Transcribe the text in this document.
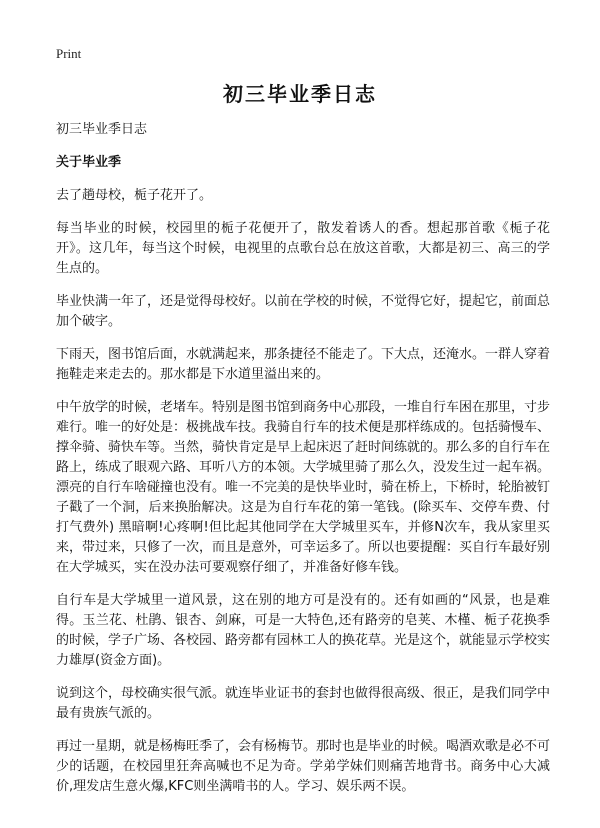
Print
初三毕业季日志
初三毕业季日志
关于毕业季

去了趟母校，栀子花开了。

每当毕业的时候，校园里的栀子花便开了，散发着诱人的香。想起那首歌《栀子花开》。这几年，每当这个时候，电视里的点歌台总在放这首歌，大都是初三、高三的学生点的。

毕业快满一年了，还是觉得母校好。以前在学校的时候，不觉得它好，提起它，前面总加个破字。

下雨天，图书馆后面，水就满起来，那条捷径不能走了。下大点，还淹水。一群人穿着拖鞋走来走去的。那水都是下水道里溢出来的。

中午放学的时候，老堵车。特别是图书馆到商务中心那段，一堆自行车困在那里，寸步难行。唯一的好处是：极挑战车技。我骑自行车的技术便是那样练成的。包括骑慢车、撑伞骑、骑快车等。当然，骑快肯定是早上起床迟了赶时间练就的。那么多的自行车在路上，练成了眼观六路、耳听八方的本领。大学城里骑了那么久，没发生过一起车祸。漂亮的自行车啥碰撞也没有。唯一不完美的是快毕业时，骑在桥上，下桥时，轮胎被钉子戳了一个洞，后来换胎解决。这是为自行车花的第一笔钱。(除买车、交停车费、付打气费外) 黑暗啊!心疼啊!但比起其他同学在大学城里买车，并修N次车，我从家里买来，带过来，只修了一次，而且是意外，可幸运多了。所以也要提醒：买自行车最好别在大学城买，实在没办法可要观察仔细了，并准备好修车钱。

自行车是大学城里一道风景，这在别的地方可是没有的。还有如画的“风景，也是难得。玉兰花、杜鹃、银杏、剑麻，可是一大特色,还有路旁的皂荚、木槿、栀子花换季的时候，学子广场、各校园、路旁都有园林工人的换花草。光是这个，就能显示学校实力雄厚(资金方面)。

说到这个，母校确实很气派。就连毕业证书的套封也做得很高级、很正，是我们同学中最有贵族气派的。

再过一星期，就是杨梅旺季了，会有杨梅节。那时也是毕业的时候。喝酒欢歌是必不可少的话题，在校园里狂奔高喊也不足为奇。学弟学妹们则痛苦地背书。商务中心大减价,理发店生意火爆,KFC则坐满啃书的人。学习、娱乐两不误。
